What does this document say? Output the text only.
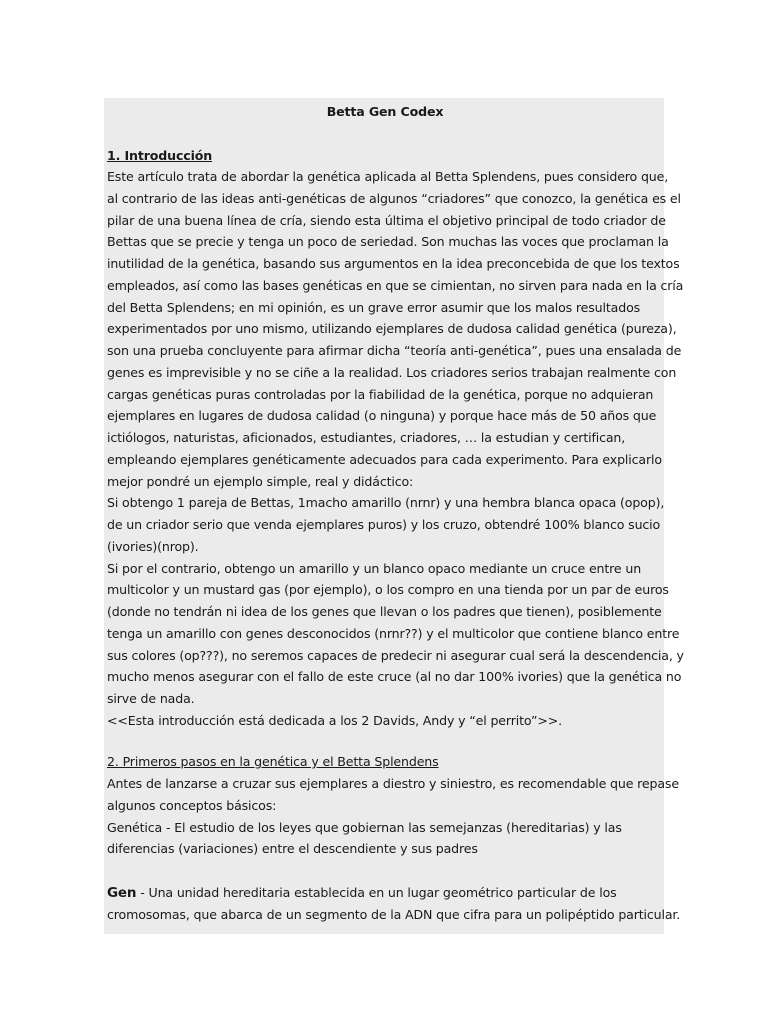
Betta Gen Codex
1. Introducción
Este artículo trata de abordar la genética aplicada al Betta Splendens, pues considero que,
al contrario de las ideas anti-genéticas de algunos “criadores” que conozco, la genética es el
pilar de una buena línea de cría, siendo esta última el objetivo principal de todo criador de
Bettas que se precie y tenga un poco de seriedad. Son muchas las voces que proclaman la
inutilidad de la genética, basando sus argumentos en la idea preconcebida de que los textos
empleados, así como las bases genéticas en que se cimientan, no sirven para nada en la cría
del Betta Splendens; en mi opinión, es un grave error asumir que los malos resultados
experimentados por uno mismo, utilizando ejemplares de dudosa calidad genética (pureza),
son una prueba concluyente para afirmar dicha “teoría anti-genética”, pues una ensalada de
genes es imprevisible y no se ciñe a la realidad. Los criadores serios trabajan realmente con
cargas genéticas puras controladas por la fiabilidad de la genética, porque no adquieran
ejemplares en lugares de dudosa calidad (o ninguna) y porque hace más de 50 años que
ictiólogos, naturistas, aficionados, estudiantes, criadores, … la estudian y certifican,
empleando ejemplares genéticamente adecuados para cada experimento. Para explicarlo
mejor pondré un ejemplo simple, real y didáctico:
Si obtengo 1 pareja de Bettas, 1macho amarillo (nrnr) y una hembra blanca opaca (opop),
de un criador serio que venda ejemplares puros) y los cruzo, obtendré 100% blanco sucio
(ivories)(nrop).
Si por el contrario, obtengo un amarillo y un blanco opaco mediante un cruce entre un
multicolor y un mustard gas (por ejemplo), o los compro en una tienda por un par de euros
(donde no tendrán ni idea de los genes que llevan o los padres que tienen), posiblemente
tenga un amarillo con genes desconocidos (nrnr??) y el multicolor que contiene blanco entre
sus colores (op???), no seremos capaces de predecir ni asegurar cual será la descendencia, y
mucho menos asegurar con el fallo de este cruce (al no dar 100% ivories) que la genética no
sirve de nada.
<<Esta introducción está dedicada a los 2 Davids, Andy y “el perrito”>>.
2. Primeros pasos en la genética y el Betta Splendens
Antes de lanzarse a cruzar sus ejemplares a diestro y siniestro, es recomendable que repase
algunos conceptos básicos:
Genética - El estudio de los leyes que gobiernan las semejanzas (hereditarias) y las
diferencias (variaciones) entre el descendiente y sus padres
Gen - Una unidad hereditaria establecida en un lugar geométrico particular de los
cromosomas, que abarca de un segmento de la ADN que cifra para un polipéptido particular.
